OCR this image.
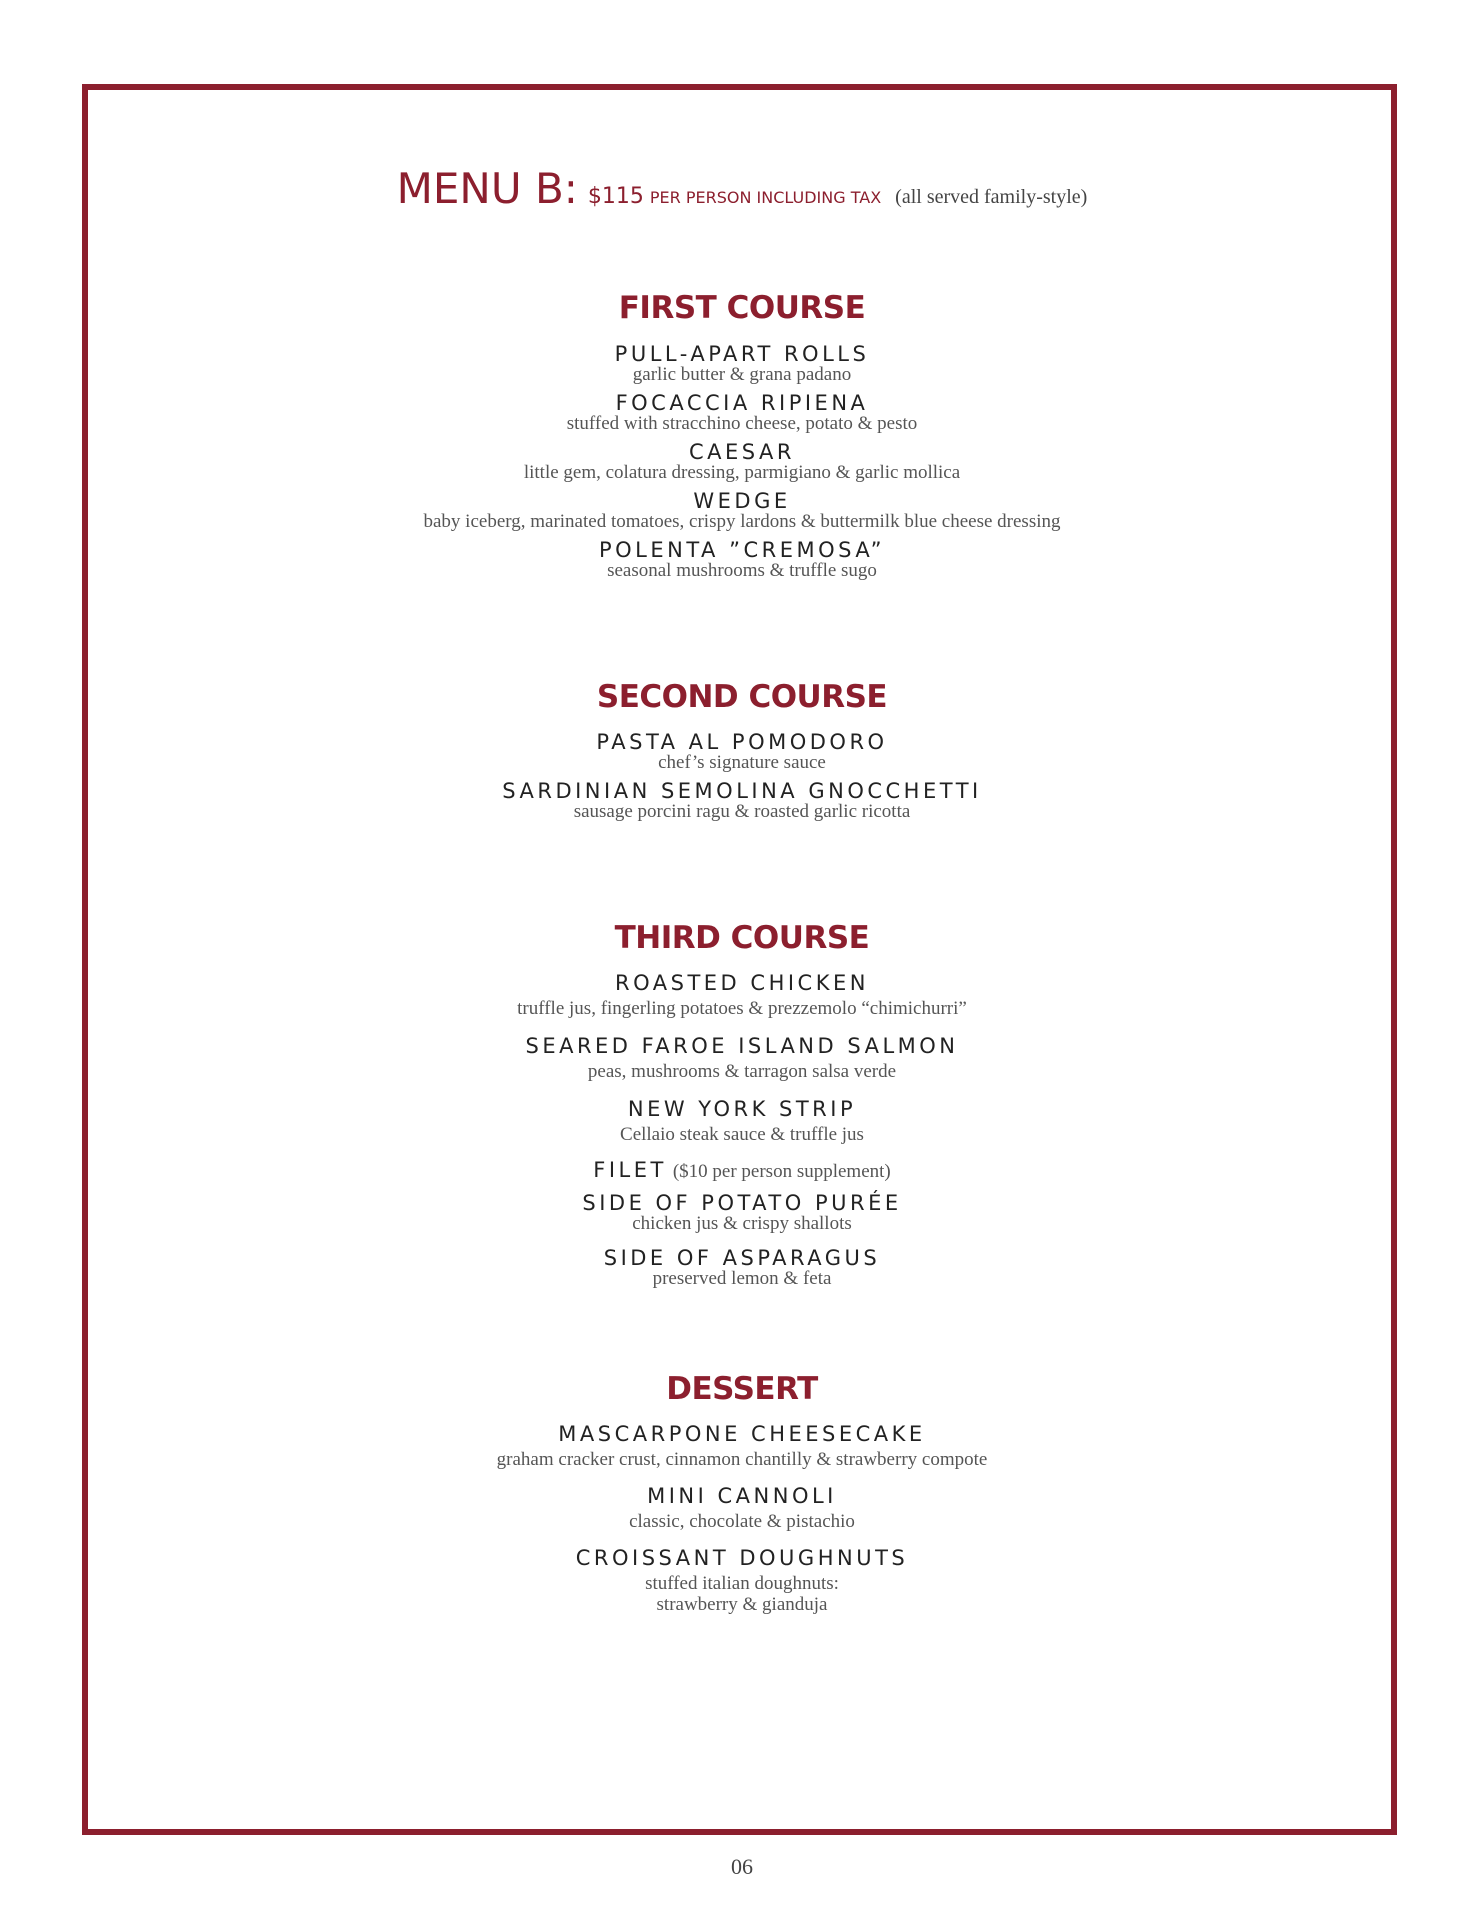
MENU B: $115 PER PERSON INCLUDING TAX (all served family-style)
FIRST COURSE
PULL-APART ROLLS
garlic butter & grana padano
FOCACCIA RIPIENA
stuffed with stracchino cheese, potato & pesto
CAESAR
little gem, colatura dressing, parmigiano & garlic mollica
WEDGE
baby iceberg, marinated tomatoes, crispy lardons & buttermilk blue cheese dressing
POLENTA ”CREMOSA”
seasonal mushrooms & truffle sugo
SECOND COURSE
PASTA AL POMODORO
chef’s signature sauce
SARDINIAN SEMOLINA GNOCCHETTI
sausage porcini ragu & roasted garlic ricotta
THIRD COURSE
ROASTED CHICKEN
truffle jus, fingerling potatoes & prezzemolo “chimichurri”
SEARED FAROE ISLAND SALMON
peas, mushrooms & tarragon salsa verde
NEW YORK STRIP
Cellaio steak sauce & truffle jus
FILET ($10 per person supplement)
SIDE OF POTATO PURÉE
chicken jus & crispy shallots
SIDE OF ASPARAGUS
preserved lemon & feta
DESSERT
MASCARPONE CHEESECAKE
graham cracker crust, cinnamon chantilly & strawberry compote
MINI CANNOLI
classic, chocolate & pistachio
CROISSANT DOUGHNUTS
stuffed italian doughnuts:
strawberry & gianduja
06
